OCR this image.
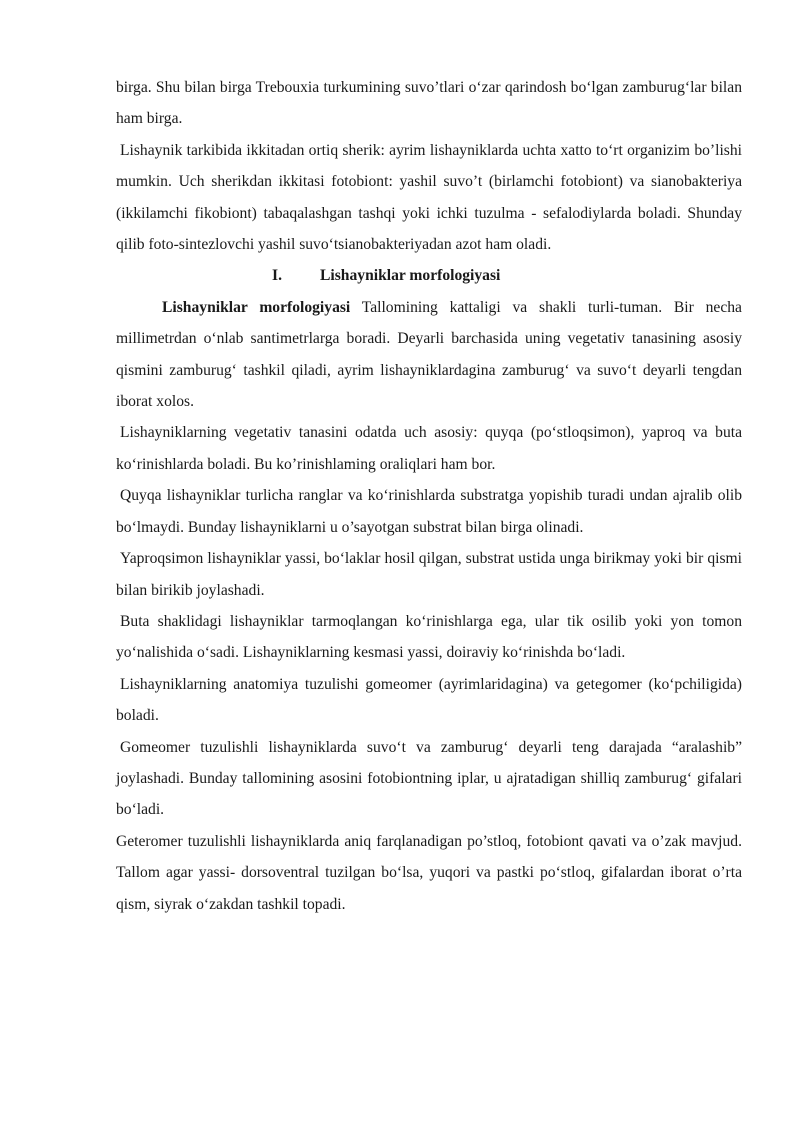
birga. Shu bilan birga Trebouxia turkumining suvo’tlari o‘zar qarindosh bo‘lgan zamburug‘lar bilan ham birga.

Lishaynik tarkibida ikkitadan ortiq sherik: ayrim lishayniklarda uchta xatto to‘rt organizim bo’lishi mumkin. Uch sherikdan ikkitasi fotobiont: yashil suvo’t (birlamchi fotobiont) va sianobakteriya (ikkilamchi fikobiont) tabaqalashgan tashqi yoki ichki tuzulma - sefalodiylarda boladi. Shunday qilib foto-sintezlovchi yashil suvo‘tsianobakteriyadan azot ham oladi.

I. Lishayniklar morfologiyasi

Lishayniklar morfologiyasi Tallomining kattaligi va shakli turli-tuman. Bir necha millimetrdan o‘nlab santimetrlarga boradi. Deyarli barchasida uning vegetativ tanasining asosiy qismini zamburug‘ tashkil qiladi, ayrim lishayniklardagina zamburug‘ va suvo‘t deyarli tengdan iborat xolos.

Lishayniklarning vegetativ tanasini odatda uch asosiy: quyqa (po‘stloqsimon), yaproq va buta ko‘rinishlarda boladi. Bu ko’rinishlaming oraliqlari ham bor.

Quyqa lishayniklar turlicha ranglar va ko‘rinishlarda substratga yopishib turadi undan ajralib olib bo‘lmaydi. Bunday lishayniklarni u o’sayotgan substrat bilan birga olinadi.

Yaproqsimon lishayniklar yassi, bo‘laklar hosil qilgan, substrat ustida unga birikmay yoki bir qismi bilan birikib joylashadi.

Buta shaklidagi lishayniklar tarmoqlangan ko‘rinishlarga ega, ular tik osilib yoki yon tomon yo‘nalishida o‘sadi. Lishayniklarning kesmasi yassi, doiraviy ko‘rinishda bo‘ladi.

Lishayniklarning anatomiya tuzulishi gomeomer (ayrimlaridagina) va getegomer (ko‘pchiligida) boladi.

Gomeomer tuzulishli lishayniklarda suvo‘t va zamburug‘ deyarli teng darajada “aralashib” joylashadi. Bunday tallomining asosini fotobiontning iplar, u ajratadigan shilliq zamburug‘ gifalari bo‘ladi.

Geteromer tuzulishli lishayniklarda aniq farqlanadigan po’stloq, fotobiont qavati va o’zak mavjud. Tallom agar yassi- dorsoventral tuzilgan bo‘lsa, yuqori va pastki po‘stloq, gifalardan iborat o’rta qism, siyrak o‘zakdan tashkil topadi.
